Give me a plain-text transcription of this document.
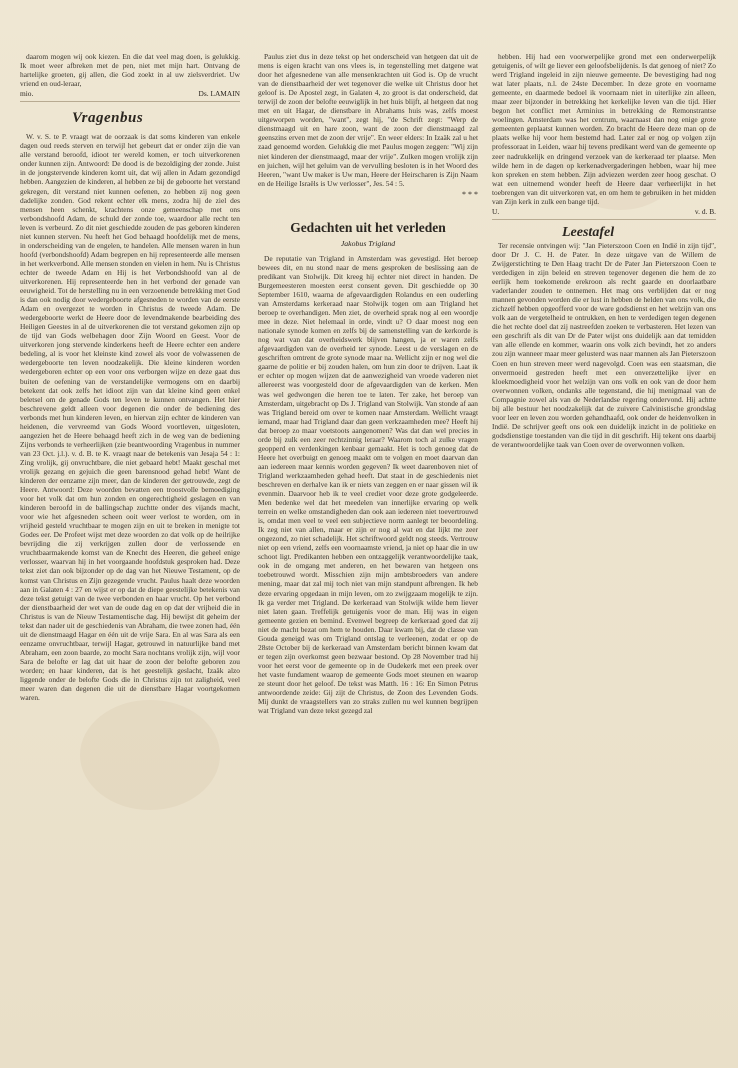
daarom mogen wij ook kiezen. En die dat veel mag doen, is gelukkig. Ik moet weer afbreken met de pen, niet met mijn hart. Ontvang de hartelijke groeten, gij allen, die God zoekt in al uw zielsverdriet. Uw vriend en oud-leraar,

mio.	Ds. LAMAIN
Vragenbus

W. v. S. te P. vraagt wat de oorzaak is dat soms kinderen van enkele dagen oud reeds sterven en terwijl het gebeurt dat er onder zijn die van alle verstand beroofd, idioot ter wereld komen, er toch uitverkorenen onder kunnen zijn. Antwoord: De dood is de bezoldiging der zonde. Juist in de jongstervende kinderen komt uit, dat wij allen in Adam gezondigd hebben. Aangezien de kinderen, al hebben ze bij de geboorte het verstand gekregen, dit verstand niet kunnen oefenen, zo hebben zij nog geen dadelijke zonden. God rekent echter elk mens, zodra hij de ziel des mensen heen schenkt, krachtens onze gemeenschap met ons verbondshoofd Adam, de schuld der zonde toe, waardoor alle recht ten leven is verbeurd. Zo dit niet geschiedde zouden de pas geboren kinderen niet kunnen sterven. Nu heeft het God behaagd hoofdelijk met de mens, in onderscheiding van de engelen, te handelen. Alle mensen waren in hun hoofd (verbondshoofd) Adam begrepen en hij representeerde alle mensen in het werkverbond. Alle mensen stonden en vielen in hem. Nu is Christus echter de tweede Adam en Hij is het Verbondshoofd van al de uitverkorenen. Hij representeerde hen in het verbond der genade van eeuwigheid. Tot de herstelling nu in een verzoenende betrekking met God is dan ook nodig door wedergeboorte afgesneden te worden van de eerste Adam en overgezet te worden in Christus de tweede Adam. De wedergeboorte werkt de Heere door de levendmakende bearbeiding des Heiligen Geestes in al de uitverkorenen die tot verstand gekomen zijn op de tijd van Gods welbehagen door Zijn Woord en Geest. Voor de uitverkoren jong stervende kinderkens heeft de Heere echter een andere bedeling, al is voor het kleinste kind zowel als voor de volwassenen de wedergeboorte ten leven noodzakelijk. Die kleine kinderen worden wedergeboren echter op een voor ons verborgen wijze en deze gaat dus buiten de oefening van de verstandelijke vermogens om en daarbij betekent dat ook zelfs het idioot zijn van dat kleine kind geen enkel beletsel om de genade Gods ten leven te kunnen ontvangen. Het hier beschrevene geldt alleen voor degenen die onder de bediening des verbonds met hun kinderen leven, en hiervan zijn echter de kinderen van heidenen, die vervreemd van Gods Woord voortleven, uitgesloten, aangezien het de Heere behaagd heeft zich in de weg van de bediening Zijns verbonds te verheerlijken (zie beantwoording Vragenbus in nummer van 23 Oct. j.l.). v. d. B. te K. vraagt naar de betekenis van Jesaja 54 : 1: Zing vrolijk, gij onvruchtbare, die niet gebaard hebt! Maakt geschal met vrolijk gezang en gejuich die geen barensnood gehad hebt! Want de kinderen der eenzame zijn meer, dan de kinderen der getrouwde, zegt de Heere. Antwoord: Deze woorden bevatten een troostvolle bemoediging voor het volk dat om hun zonden en ongerechtigheid geslagen en van kinderen beroofd in de ballingschap zuchtte onder des vijands macht, voor wie het afgesneden scheen ooit weer verlost te worden, om in vrijheid gesteld vruchtbaar te mogen zijn en uit te breken in menigte tot Godes eer. De Profeet wijst met deze woorden zo dat volk op de heilrijke bevrijding die zij verkrijgen zullen door de verlossende en vruchtbaarmakende komst van de Knecht des Heeren, die geheel enige verlosser, waarvan hij in het voorgaande hoofdstuk gesproken had. Deze tekst ziet dan ook bijzonder op de dag van het Nieuwe Testament, op de komst van Christus en Zijn gezegende vrucht. Paulus haalt deze woorden aan in Galaten 4 : 27 en wijst er op dat de diepe geestelijke betekenis van deze tekst getuigt van de twee verbonden en haar vrucht. Op het verbond der dienstbaarheid der wet van de oude dag en op dat der vrijheid die in Christus is van de Nieuw Testamentische dag. Hij bewijst dit geheim der tekst dan nader uit de geschiedenis van Abraham, die twee zonen had, één uit de dienstmaagd Hagar en één uit de vrije Sara. En al was Sara als een eenzame onvruchtbaar, terwijl Hagar, getrouwd in natuurlijke band met Abraham, een zoon baarde, zo mocht Sara nochtans vrolijk zijn, wijl voor Sara de belofte er lag dat uit haar de zoon der belofte geboren zou worden; en haar kinderen, dat is het geestelijk geslacht, Izaäk alzo liggende onder de belofte Gods die in Christus zijn tot zaligheid, veel meer waren dan degenen die uit de dienstbare Hagar voortgekomen waren.

Paulus ziet dus in deze tekst op het onderscheid van hetgeen dat uit de mens is eigen kracht van ons vlees is, in tegenstelling met datgene wat door het afgesnedene van alle mensenkrachten uit God is. Op de vrucht van de dienstbaarheid der wet tegenover die welke uit Christus door het geloof is. De Apostel zegt, in Galaten 4, zo groot is dat onderscheid, dat terwijl de zoon der belofte eeuwiglijk in het huis blijft, al hetgeen dat nog met en uit Hagar, de dienstbare in Abrahams huis was, zelfs moest uitgeworpen worden, "want", zegt hij, "de Schrift zegt: "Werp de dienstmaagd uit en hare zoon, want de zoon der dienstmaagd zal geenszins erven met de zoon der vrije". En weer elders: In Izaäk zal u het zaad genoemd worden. Gelukkig die met Paulus mogen zeggen: "Wij zijn niet kinderen der dienstmaagd, maar der vrije". Zulken mogen vrolijk zijn en juichen, wijl het geluim van de vervulling besloten is in het Woord des Heeren, "want Uw maker is Uw man, Heere der Heirscharen is Zijn Naam en de Heilige Israëls is Uw verlosser", Jes. 54 : 5.

* * *
Gedachten uit het verleden
Jakobus Trigland

De reputatie van Trigland in Amsterdam was gevestigd. Het beroep bewees dit, en nu stond naar de mens gesproken de beslissing aan de predikant van Stolwijk. Dit kreeg hij echter niet direct in handen. De Burgemeesteren moesten eerst consent geven. Dit geschiedde op 30 September 1610, waarna de afgevaardigden Rolandus en een ouderling van Amsterdams kerkeraad naar Stolwijk togen om aan Trigland het beroep te overhandigen. Men ziet, de overheid sprak nog al een woordje mee in deze. Niet helemaal in orde, vindt u? O daar moest nog een nationale synode komen en zelfs bij de samenstelling van de kerkorde is nog wat van dat overheidswerk blijven hangen, ja er waren zelfs afgevaardigden van de overheid ter synode. Leest u de verslagen en de geschriften omtrent de grote synode maar na. Wellicht zijn er nog wel die gaarne de politie er bij zouden halen, om hun zin door te drijven. Laat ik er echter op mogen wijzen dat de aanwezigheid van vroede vaderen niet allereerst was voorgesteld door de afgevaardigden van de kerken. Men was wel gedwongen die heren toe te laten. Ter zake, het beroep van Amsterdam, uitgebracht op Ds J. Trigland van Stolwijk. Van stonde af aan was Trigland bereid om over te komen naar Amsterdam. Wellicht vraagt iemand, maar had Trigland daar dan geen verkzaamheden mee? Heeft hij dat beroep zo maar voetstoots aangenomen? Was dat dan wel precies in orde bij zulk een zeer rechtzinnig leraar? Waarom toch al zulke vragen geopperd en verdenkingen kenbaar gemaakt. Het is toch genoeg dat de Heere het overbuigt en genoeg maakt om te volgen en moet daarvan dan aan iedereen maar kennis worden gegeven? Ik weet daarenboven niet of Trigland werkzaamheden gehad heeft. Dat staat in de geschiedenis niet beschreven en derhalve kan ik er niets van zeggen en er naar gissen wil ik evenmin. Daarvoor heb ik te veel crediet voor deze grote godgeleerde. Men bedenke wel dat het meedelen van innerlijke ervaring op welk terrein en welke omstandigheden dan ook aan iedereen niet toevertrouwd is, omdat men veel te veel een subjectieve norm aanlegt ter beoordeling. Ik zeg niet van allen, maar er zijn er nog al wat en dat lijkt me zeer ongezond, zo niet schadelijk. Het schriftwoord geldt nog steeds. Vertrouw niet op een vriend, zelfs een voornaamste vriend, ja niet op haar die in uw schoot ligt. Predikanten hebben een ontzaggelijk verantwoordelijke taak, ook in de omgang met anderen, en het bewaren van hetgeen ons toebetrouwd wordt. Misschien zijn mijn ambtsbroeders van andere mening, maar dat zal mij toch niet van mijn standpunt afbrengen. Ik heb deze ervaring opgedaan in mijn leven, om zo zwijgzaam mogelijk te zijn. Ik ga verder met Trigland. De kerkeraad van Stolwijk wilde hem liever niet laten gaan. Treffelijk getuigenis voor de man. Hij was in eigen gemeente gezien en bemind. Evenwel begreep de kerkeraad goed dat zij niet de macht bezat om hem te houden. Daar kwam bij, dat de classe van Gouda geneigd was om Trigland ontslag te verleenen, zodat er op de 28ste October bij de kerkeraad van Amsterdam bericht binnen kwam dat er tegen zijn overkomst geen bezwaar bestond. Op 28 November trad hij voor het eerst voor de gemeente op in de Oudekerk met een preek over het vaste fundament waarop de gemeente Gods moet steunen en waarop ze steunt door het geloof. De tekst was Matth. 16 : 16: En Simon Petrus antwoordende zeide: Gij zijt de Christus, de Zoon des Levenden Gods. Mij dunkt de vraagstellers van zo straks zullen nu wel kunnen begrijpen wat Trigland van deze tekst gezegd zal

hebben. Hij had een voorwerpelijke grond met een onderwerpelijk getuigenis, of wilt ge liever een geloofsbelijdenis. Is dat genoeg of niet? Zo werd Trigland ingeleid in zijn nieuwe gemeente. De bevestiging had nog wat later plaats, n.l. de 24ste December. In deze grote en voorname gemeente, en daarmede bedoel ik voornaam niet in uiterlijke zin alleen, maar zeer bijzonder in betrekking het kerkelijke leven van die tijd. Hier begon het conflict met Arminius in betrekking de Remonstrantse woelingen. Amsterdam was het centrum, waarnaast dan nog enige grote gemeenten geplaatst kunnen worden. Zo bracht de Heere deze man op de plaats welke hij voor hem bestemd had. Later zal er nog op volgen zijn professoraat in Leiden, waar hij tevens predikant werd van de gemeente op zeer nadrukkelijk en dringend verzoek van de kerkeraad ter plaatse. Men wilde hem in de dagen op kerkenadvergaderingen hebben, waar hij mee kon spreken en stem hebben. Zijn adviezen werden zeer hoog geschat. O wat een uitnemend wonder heeft de Heere daar verheerlijkt in het toebrengen van dit uitverkoren vat, en om hem te gebruiken in het midden van Zijn kerk in zulk een bange tijd.

U.	v. d. B.
Leestafel

Ter recensie ontvingen wij: "Jan Pieterszoon Coen en Indië in zijn tijd", door Dr J. C. H. de Pater. In deze uitgave van de Willem de Zwijgerstichting te Den Haag tracht Dr de Pater Jan Pieterszoon Coen te verdedigen in zijn beleid en streven tegenover degenen die hem de zo eerlijk hem toekomende erekroon als recht gaarde en doorlaatbare vaderlander zouden te ontnemen. Het mag ons verblijden dat er nog mannen gevonden worden die er lust in hebben de helden van ons volk, die zichzelf hebben opgeofferd voor de ware godsdienst en het welzijn van ons volk aan de vergetelheid te ontrukken, en hen te verdedigen tegen degenen die het rechte doel dat zij nastreefden zoeken te verbasteren. Het lezen van een geschrift als dit van Dr de Pater wijst ons duidelijk aan dat temidden van alle ellende en kommer, waarin ons volk zich bevindt, het zo anders zou zijn wanneer maar meer gelusterd was naar mannen als Jan Pieterszoon Coen en hun streven meer werd nagevolgd. Coen was een staatsman, die onvermoeid gestreden heeft met een onverzettelijke ijver en kloekmoedigheid voor het welzijn van ons volk en ook van de door hem overwonnen volken, ondanks alle tegenstand, die hij menigmaal van de Compagnie zowel als van de Nederlandse regering ondervond. Hij achtte bij alle bestuur het noodzakelijk dat de zuivere Calvinistische grondslag voor leer en leven zou worden gehandhaafd, ook onder de heidenvolken in Indië. De schrijver geeft ons ook een duidelijk inzicht in de politieke en godsdienstige toestanden van die tijd in dit geschrift. Hij tekent ons daarbij de verantwoordelijke taak van Coen over de overwonnen volken.
